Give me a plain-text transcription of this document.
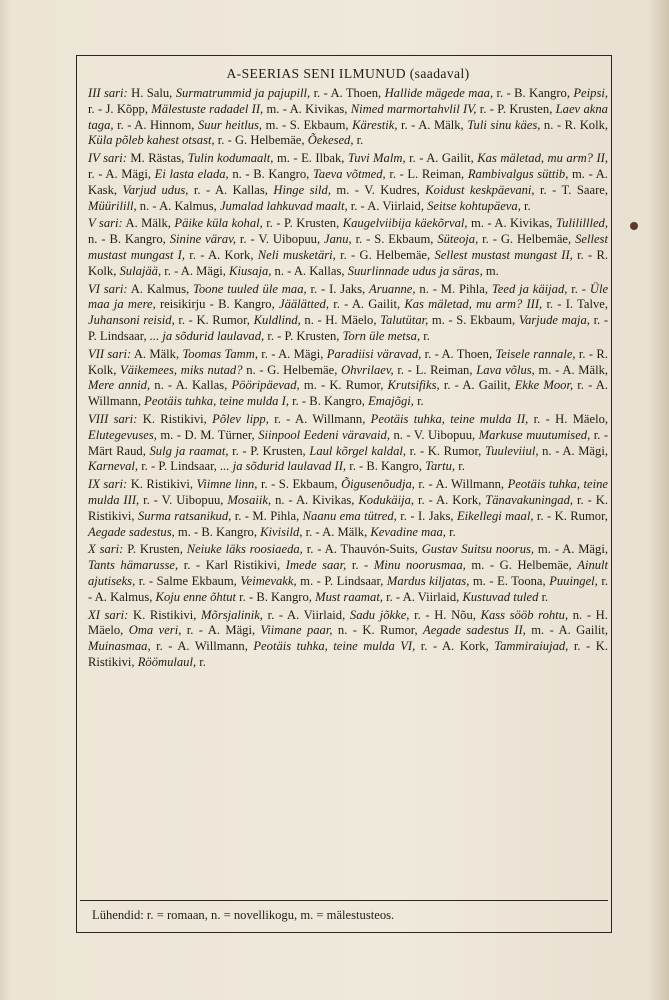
A-SEERIAS SENI ILMUNUD (saadaval)

III sari: H. Salu, Surmatrummid ja pajupill, r. - A. Thoen, Hallide mägede maa, r. - B. Kangro, Peipsi, r. - J. Kõpp, Mälestuste radadel II, m. - A. Kivikas, Nimed marmortahvlil IV, r. - P. Krusten, Laev akna taga, r. - A. Hinnom, Suur heitlus, m. - S. Ekbaum, Kärestik, r. - A. Mälk, Tuli sinu käes, n. - R. Kolk, Küla põleb kahest otsast, r. - G. Helbemäe, Õekesed, r.

IV sari: M. Rästas, Tulin kodumaalt, m. - E. Ilbak, Tuvi Malm, r. - A. Gailit, Kas mäletad, mu arm? II, r. - A. Mägi, Ei lasta elada, n. - B. Kangro, Taeva võtmed, r. - L. Reiman, Rambivalgus süttib, m. - A. Kask, Varjud udus, r. - A. Kallas, Hinge sild, m. - V. Kudres, Koidust keskpäevani, r. - T. Saare, Müürilill, n. - A. Kalmus, Jumalad lahkuvad maalt, r. - A. Viirlaid, Seitse kohtupäeva, r.

V sari: A. Mälk, Päike küla kohal, r. - P. Krusten, Kaugelviibija käekõrval, m. - A. Kivikas, Tulilillled, n. - B. Kangro, Sinine värav, r. - V. Uibopuu, Janu, r. - S. Ekbaum, Süteoja, r. - G. Helbemäe, Sellest mustast mungast I, r. - A. Kork, Neli musketäri, r. - G. Helbemäe, Sellest mustast mungast II, r. - R. Kolk, Sulajää, r. - A. Mägi, Kiusaja, n. - A. Kallas, Suurlinnade udus ja säras, m.

VI sari: A. Kalmus, Toone tuuled üle maa, r. - I. Jaks, Aruanne, n. - M. Pihla, Teed ja käijad, r. - Üle maa ja mere, reisikirju - B. Kangro, Jäälätted, r. - A. Gailit, Kas mäletad, mu arm? III, r. - I. Talve, Juhansoni reisid, r. - K. Rumor, Kuldlind, n. - H. Mäelo, Talutütar, m. - S. Ekbaum, Varjude maja, r. - P. Lindsaar, ... ja sõdurid laulavad, r. - P. Krusten, Torn üle metsa, r.

VII sari: A. Mälk, Toomas Tamm, r. - A. Mägi, Paradiisi väravad, r. - A. Thoen, Teisele rannale, r. - R. Kolk, Väikemees, miks nutad? n. - G. Helbemäe, Ohvrilaev, r. - L. Reiman, Lava võlus, m. - A. Mälk, Mere annid, n. - A. Kallas, Pööripäevad, m. - K. Rumor, Krutsifiks, r. - A. Gailit, Ekke Moor, r. - A. Willmann, Peotäis tuhka, teine mulda I, r. - B. Kangro, Emajõgi, r.

VIII sari: K. Ristikivi, Põlev lipp, r. - A. Willmann, Peotäis tuhka, teine mulda II, r. - H. Mäelo, Elutegevuses, m. - D. M. Türner, Siinpool Eedeni väravaid, n. - V. Uibopuu, Markuse muutumised, r. - Märt Raud, Sulg ja raamat, r. - P. Krusten, Laul kõrgel kaldal, r. - K. Rumor, Tuuleviiul, n. - A. Mägi, Karneval, r. - P. Lindsaar, ... ja sõdurid laulavad II, r. - B. Kangro, Tartu, r.

IX sari: K. Ristikivi, Viimne linn, r. - S. Ekbaum, Õigusenõudja, r. - A. Willmann, Peotäis tuhka, teine mulda III, r. - V. Uibopuu, Mosaiik, n. - A. Kivikas, Kodukäija, r. - A. Kork, Tänavakuningad, r. - K. Ristikivi, Surma ratsanikud, r. - M. Pihla, Naanu ema tütred, r. - I. Jaks, Eikellegi maal, r. - K. Rumor, Aegade sadestus, m. - B. Kangro, Kivisild, r. - A. Mälk, Kevadine maa, r.

X sari: P. Krusten, Neiuke läks roosiaeda, r. - A. Thauvón-Suits, Gustav Suitsu noorus, m. - A. Mägi, Tants hämarusse, r. - Karl Ristikivi, Imede saar, r. - Minu noorusmaa, m. - G. Helbemäe, Ainult ajutiseks, r. - Salme Ekbaum, Veimevakk, m. - P. Lindsaar, Mardus kiljatas, m. - E. Toona, Puuingel, r. - A. Kalmus, Koju enne õhtut r. - B. Kangro, Must raamat, r. - A. Viirlaid, Kustuvad tuled r.

XI sari: K. Ristikivi, Mõrsjalinik, r. - A. Viirlaid, Sadu jõkke, r. - H. Nõu, Kass sööb rohtu, n. - H. Mäelo, Oma veri, r. - A. Mägi, Viimane paar, n. - K. Rumor, Aegade sadestus II, m. - A. Gailit, Muinasmaa, r. - A. Willmann, Peotäis tuhka, teine mulda VI, r. - A. Kork, Tammiraiujad, r. - K. Ristikivi, Röömulaul, r.

Lühendid: r. = romaan, n. = novellikogu, m. = mälestusteos.
